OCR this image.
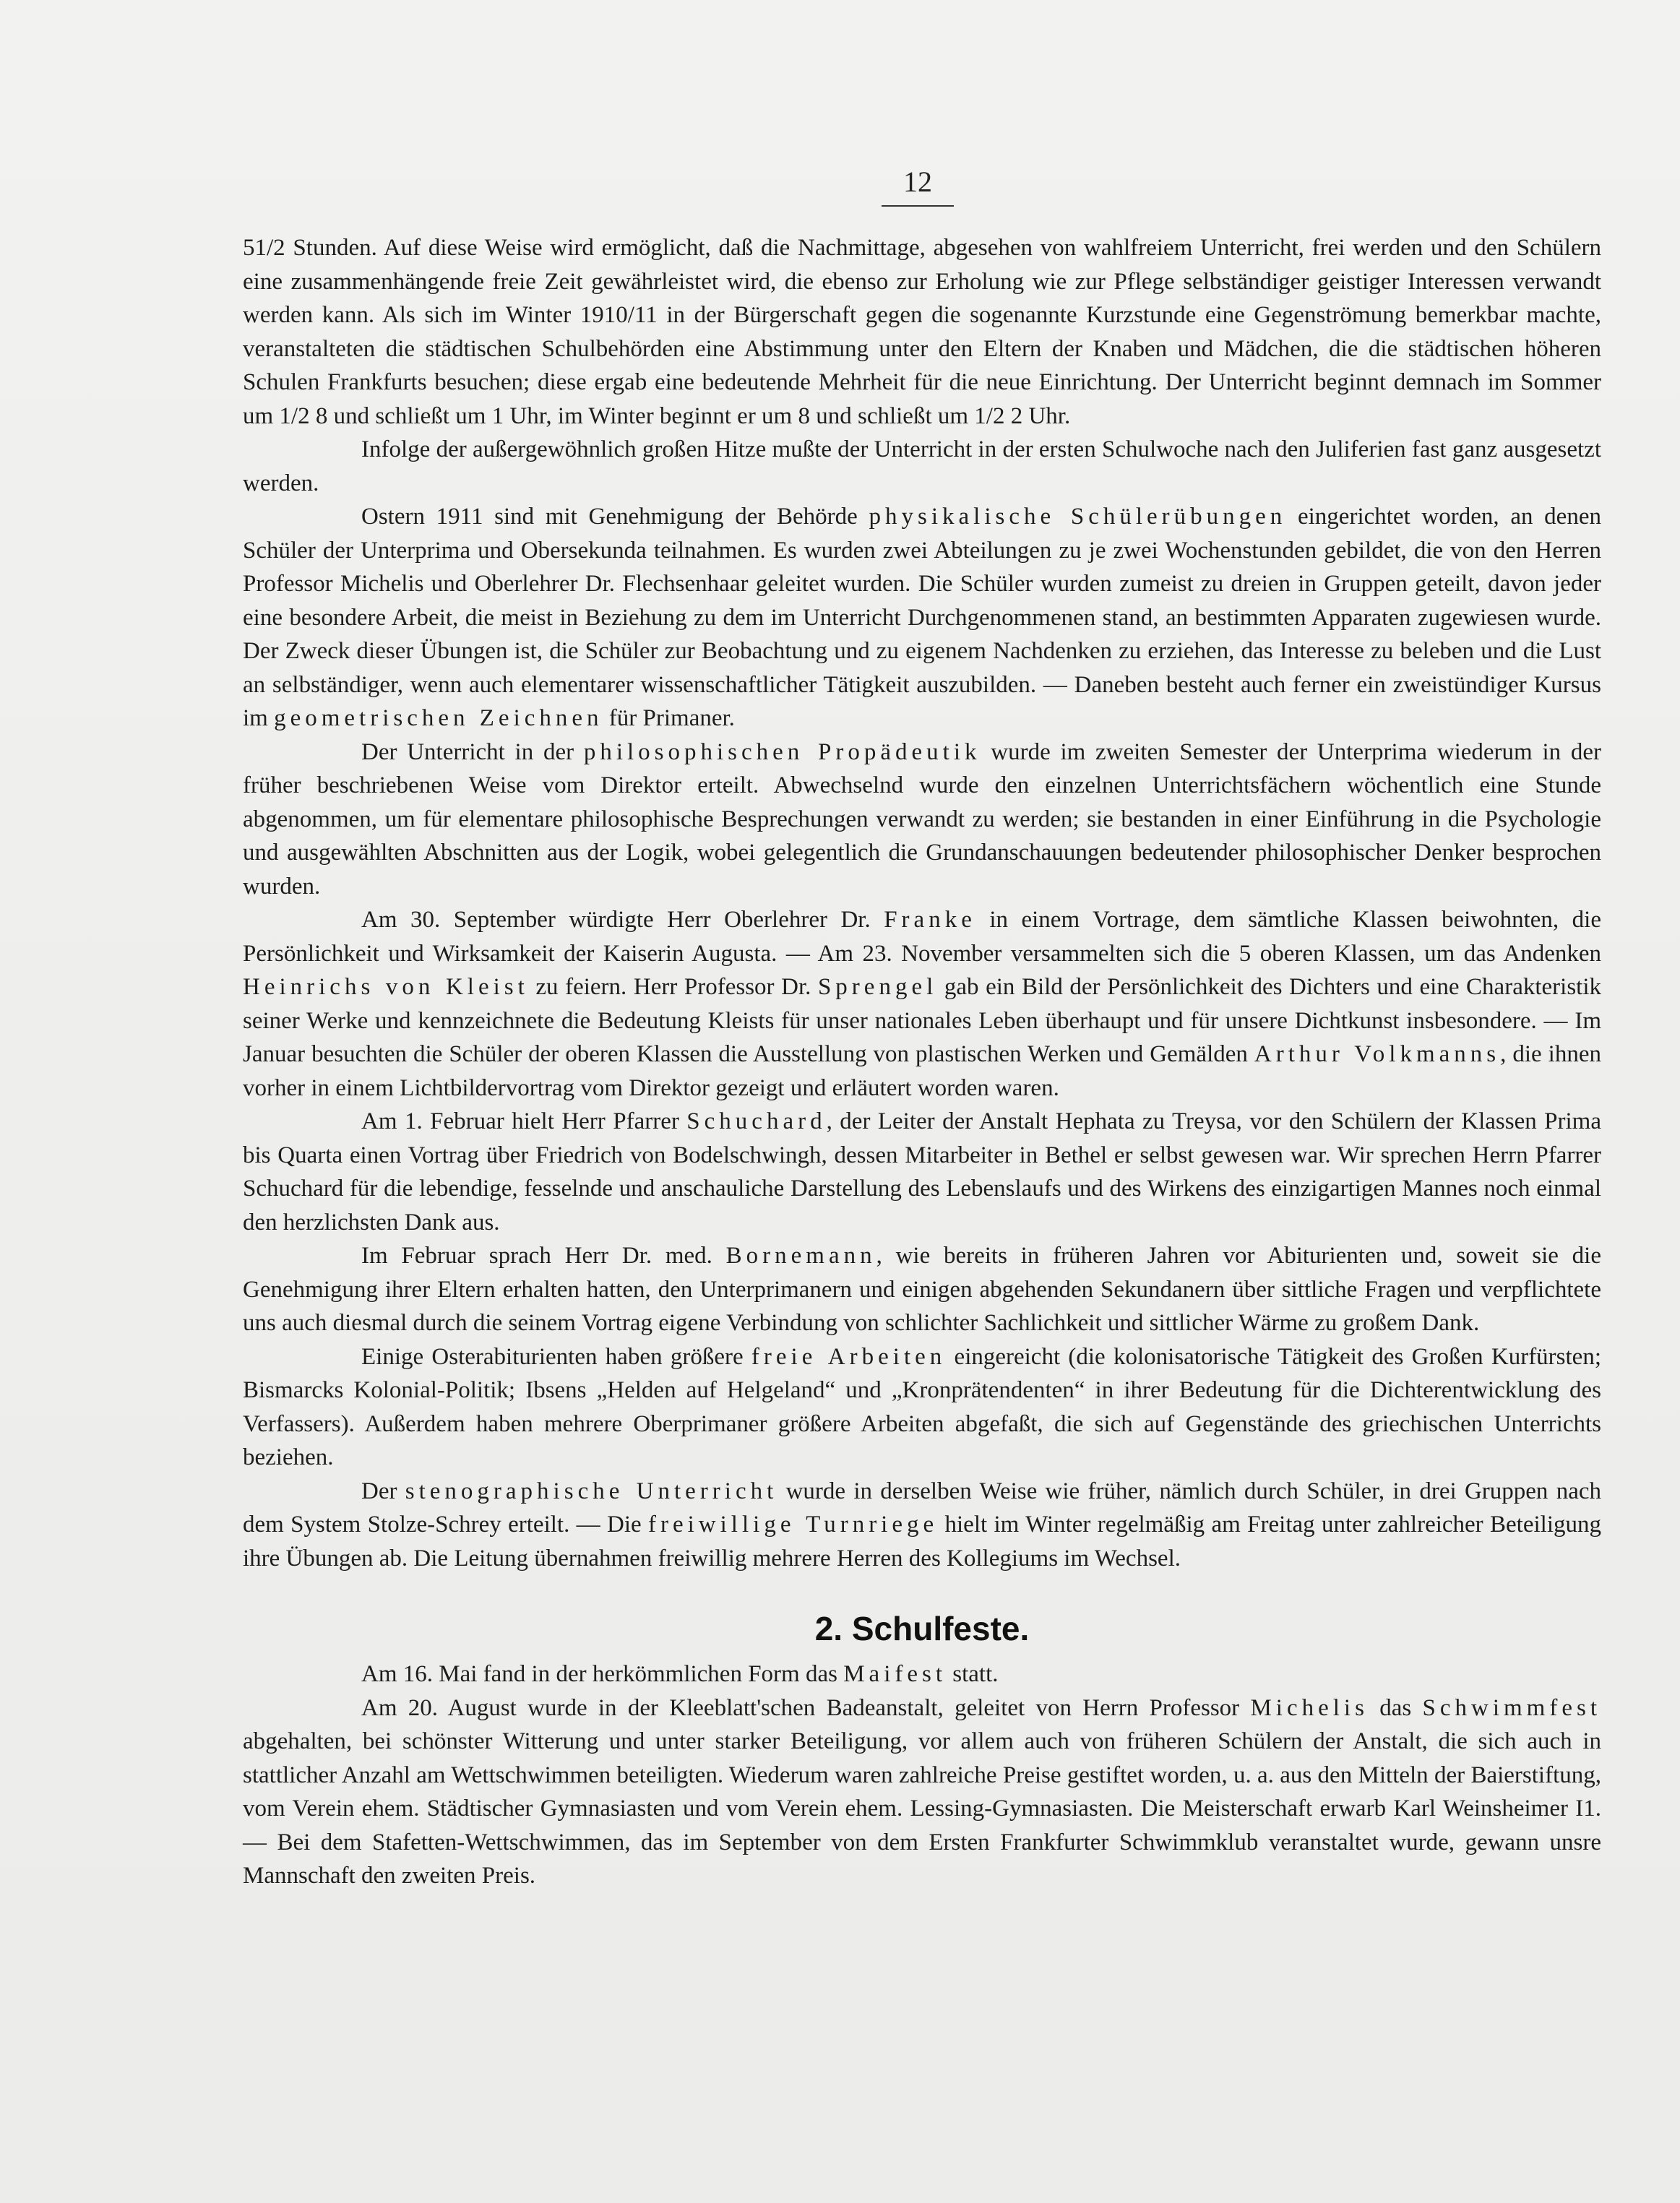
12

51/2 Stunden. Auf diese Weise wird ermöglicht, daß die Nachmittage, abgesehen von wahlfreiem Unterricht, frei werden und den Schülern eine zusammenhängende freie Zeit gewährleistet wird, die ebenso zur Erholung wie zur Pflege selbständiger geistiger Interessen verwandt werden kann. Als sich im Winter 1910/11 in der Bürgerschaft gegen die sogenannte Kurzstunde eine Gegenströmung bemerkbar machte, veranstalteten die städtischen Schulbehörden eine Abstimmung unter den Eltern der Knaben und Mädchen, die die städtischen höheren Schulen Frankfurts besuchen; diese ergab eine bedeutende Mehrheit für die neue Einrichtung. Der Unterricht beginnt demnach im Sommer um 1/2 8 und schließt um 1 Uhr, im Winter beginnt er um 8 und schließt um 1/2 2 Uhr.

Infolge der außergewöhnlich großen Hitze mußte der Unterricht in der ersten Schulwoche nach den Juliferien fast ganz ausgesetzt werden.

Ostern 1911 sind mit Genehmigung der Behörde physikalische Schülerübungen eingerichtet worden, an denen Schüler der Unterprima und Obersekunda teilnahmen. Es wurden zwei Abteilungen zu je zwei Wochenstunden gebildet, die von den Herren Professor Michelis und Oberlehrer Dr. Flechsenhaar geleitet wurden. Die Schüler wurden zumeist zu dreien in Gruppen geteilt, davon jeder eine besondere Arbeit, die meist in Beziehung zu dem im Unterricht Durchgenommenen stand, an bestimmten Apparaten zugewiesen wurde. Der Zweck dieser Übungen ist, die Schüler zur Beobachtung und zu eigenem Nachdenken zu erziehen, das Interesse zu beleben und die Lust an selbständiger, wenn auch elementarer wissenschaftlicher Tätigkeit auszubilden. — Daneben besteht auch ferner ein zweistündiger Kursus im geometrischen Zeichnen für Primaner.

Der Unterricht in der philosophischen Propädeutik wurde im zweiten Semester der Unterprima wiederum in der früher beschriebenen Weise vom Direktor erteilt. Abwechselnd wurde den einzelnen Unterrichtsfächern wöchentlich eine Stunde abgenommen, um für elementare philosophische Besprechungen verwandt zu werden; sie bestanden in einer Einführung in die Psychologie und ausgewählten Abschnitten aus der Logik, wobei gelegentlich die Grundanschauungen bedeutender philosophischer Denker besprochen wurden.

Am 30. September würdigte Herr Oberlehrer Dr. Franke in einem Vortrage, dem sämtliche Klassen beiwohnten, die Persönlichkeit und Wirksamkeit der Kaiserin Augusta. — Am 23. November versammelten sich die 5 oberen Klassen, um das Andenken Heinrichs von Kleist zu feiern. Herr Professor Dr. Sprengel gab ein Bild der Persönlichkeit des Dichters und eine Charakteristik seiner Werke und kennzeichnete die Bedeutung Kleists für unser nationales Leben überhaupt und für unsere Dichtkunst insbesondere. — Im Januar besuchten die Schüler der oberen Klassen die Ausstellung von plastischen Werken und Gemälden Arthur Volkmanns, die ihnen vorher in einem Lichtbildervortrag vom Direktor gezeigt und erläutert worden waren.

Am 1. Februar hielt Herr Pfarrer Schuchard, der Leiter der Anstalt Hephata zu Treysa, vor den Schülern der Klassen Prima bis Quarta einen Vortrag über Friedrich von Bodelschwingh, dessen Mitarbeiter in Bethel er selbst gewesen war. Wir sprechen Herrn Pfarrer Schuchard für die lebendige, fesselnde und anschauliche Darstellung des Lebenslaufs und des Wirkens des einzigartigen Mannes noch einmal den herzlichsten Dank aus.

Im Februar sprach Herr Dr. med. Bornemann, wie bereits in früheren Jahren vor Abiturienten und, soweit sie die Genehmigung ihrer Eltern erhalten hatten, den Unterprimanern und einigen abgehenden Sekundanern über sittliche Fragen und verpflichtete uns auch diesmal durch die seinem Vortrag eigene Verbindung von schlichter Sachlichkeit und sittlicher Wärme zu großem Dank.

Einige Osterabiturienten haben größere freie Arbeiten eingereicht (die kolonisatorische Tätigkeit des Großen Kurfürsten; Bismarcks Kolonial-Politik; Ibsens „Helden auf Helgeland“ und „Kronprätendenten“ in ihrer Bedeutung für die Dichterentwicklung des Verfassers). Außerdem haben mehrere Oberprimaner größere Arbeiten abgefaßt, die sich auf Gegenstände des griechischen Unterrichts beziehen.

Der stenographische Unterricht wurde in derselben Weise wie früher, nämlich durch Schüler, in drei Gruppen nach dem System Stolze-Schrey erteilt. — Die freiwillige Turnriege hielt im Winter regelmäßig am Freitag unter zahlreicher Beteiligung ihre Übungen ab. Die Leitung übernahmen freiwillig mehrere Herren des Kollegiums im Wechsel.

2. Schulfeste.

Am 16. Mai fand in der herkömmlichen Form das Maifest statt.

Am 20. August wurde in der Kleeblatt'schen Badeanstalt, geleitet von Herrn Professor Michelis das Schwimmfest abgehalten, bei schönster Witterung und unter starker Beteiligung, vor allem auch von früheren Schülern der Anstalt, die sich auch in stattlicher Anzahl am Wettschwimmen beteiligten. Wiederum waren zahlreiche Preise gestiftet worden, u. a. aus den Mitteln der Baierstiftung, vom Verein ehem. Städtischer Gymnasiasten und vom Verein ehem. Lessing-Gymnasiasten. Die Meisterschaft erwarb Karl Weinsheimer I1. — Bei dem Stafetten-Wettschwimmen, das im September von dem Ersten Frankfurter Schwimmklub veranstaltet wurde, gewann unsre Mannschaft den zweiten Preis.
